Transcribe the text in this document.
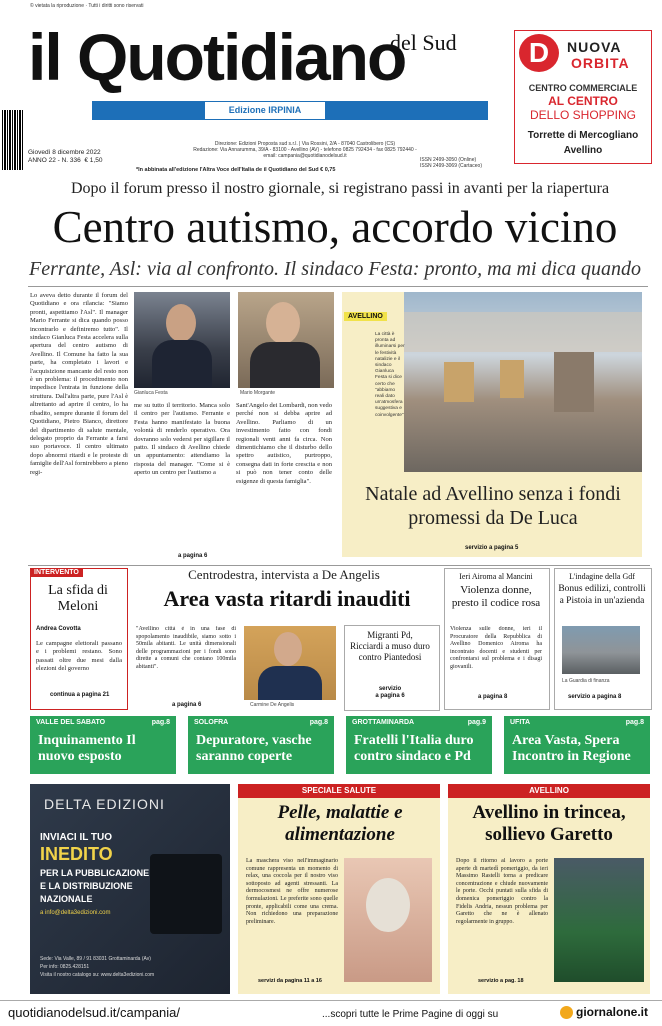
© vietata la riproduzione · Tutti i diritti sono riservati
il Quotidiano
del Sud
Edizione IRPINIA
Giovedì 8 dicembre 2022
ANNO 22 - N. 336 € 1,50
Direzione: Edizioni Proposta sud s.r.l. | Via Rossini, 2/A - 87040 Castrolibero (CS)
Redazione: Via Annarumma, 39/A - 83100 - Avellino (AV) - telefono 0825 792434 - fax 0825 792440 -
email: campania@quotidianodelsud.it
*In abbinata all'edizione l'Altra Voce dell'Italia de il Quotidiano del Sud € 0,75
ISSN 2499-3050 (Online)
ISSN 2499-3069 (Cartaceo)
D	NUOVA
ORBITA
CENTRO COMMERCIALE
AL CENTRO
DELLO SHOPPING
Torrette di Mercogliano
Avellino
Dopo il forum presso il nostro giornale, si registrano passi in avanti per la riapertura
Centro autismo, accordo vicino
Ferrante, Asl: via al confronto. Il sindaco Festa: pronto, ma mi dica quando
Lo aveva detto durante il forum del Quotidiano e ora rilancia: "Siamo pronti, aspettiamo l'Asl". Il manager Mario Ferrante si dica quando posso incontrarlo e definiremo tutto". Il sindaco Gianluca Festa accelera sulla apertura del centro autismo di Avellino. Il Comune ha fatto la sua parte, ha completato i lavori e l'acquisizione mancante del resto non è un problema: il procedimento non impedisce l'entrata in funzione della struttura. Dall'altra parte, pure l'Asl è altrettanto ad aprire il centro, lo ha ribadito, sempre durante il forum del Quotidiano, Pietro Bianco, direttore del dipartimento di salute mentale, delegato proprio da Ferrante a farsi suo portavoce. Il centro ultimato dopo abnormi ritardi e le proteste di famiglie dell'Asl fornirebbero a pieno regi-
Gianluca Festa	Mario Morgante
me su tutto il territorio. Manca solo il centro per l'autismo. Ferrante e Festa hanno manifestato la buona volontà di renderlo operativo. Ora dovranno solo vedersi per sigillare il patto. Il sindaco di Avellino chiede un appuntamento: attendiamo la risposta del manager. "Come si è aperto un centro per l'autismo a
Sant'Angelo dei Lombardi, non vedo perché non si debba aprire ad Avellino. Parliamo di un investimento fatto con fondi regionali venti anni fa circa. Non dimentichiamo che il disturbo dello spettro autistico, purtroppo, consegna dati in forte crescita e non si può non tener conto delle esigenze di questa famiglia".
a pagina 6
AVELLINO
La città è pronta ad illuminarsi per le festività natalizie e il sindaco Gianluca Festa si dice certo che "abbiamo reali dato un'atmosfera suggestiva e coinvolgente"
Natale ad Avellino senza i fondi promessi da De Luca
servizio a pagina 5
INTERVENTO
La sfida di Meloni
Andrea Covotta
Le campagne elettorali passano e i problemi restano. Sono passati oltre due mesi dalla elezioni del governo
continua a pagina 21
Centrodestra, intervista a De Angelis
Area vasta ritardi inauditi
"Avellino città è in una fase di spopolamento inaudibile, siamo sotto i 50mila abitanti. Le unità dimensionali delle programmazioni per i fondi sono dirette a comuni che contano 100mila abitanti".
Carmine De Angelis
a pagina 6
Migranti Pd, Ricciardi a muso duro contro Piantedosi
servizio
a pagina 6
Ieri Airoma al Mancini
Violenza donne, presto il codice rosa
Violenza sulle donne, ieri il Procuratore della Repubblica di Avellino Domenico Airoma ha incontrato docenti e studenti per confrontarsi sul problema e i disagi giovanili.
a pagina 8
L'indagine della Gdf
Bonus edilizi, controlli a Pistoia in un'azienda
La Guardia di finanza
servizio a pagina 8
VALLE DEL SABATO	pag.8
Inquinamento Il nuovo esposto
SOLOFRA	pag.8
Depuratore, vasche saranno coperte
GROTTAMINARDA	pag.9
Fratelli l'Italia duro contro sindaco e Pd
UFITA	pag.8
Area Vasta, Spera Incontro in Regione
DELTA EDIZIONI
INVIACI IL TUO
INEDITO
PER LA PUBBLICAZIONE
E LA DISTRIBUZIONE
NAZIONALE
a info@delta3edizioni.com
Sede: Via Valle, 89 / 91 83031 Grottaminarda (Av)
Per info: 0825.428151
Visita il nostro catalogo su: www.delta3edizioni.com
SPECIALE SALUTE
Pelle, malattie e alimentazione
La maschera viso nell'immaginario comune rappresenta un momento di relax, una coccola per il nostro viso sottoposto ad agenti stressanti. La dermocosmesi ne offre numerose formulazioni. Le preferite sono quelle pronte, applicabili come una crema. Non richiedono una preparazione preliminare.
servizi da pagina 11 a 16
AVELLINO
Avellino in trincea, sollievo Garetto
Dopo il ritorno al lavoro a porte aperte di martedì pomeriggio, da ieri Massimo Rastelli torna a predicare concentrazione e chiude nuovamente le porte. Occhi puntati sulla sfida di domenica pomeriggio contro la Fidelis Andria, nessun problema per Garetto che ne è allenato regolarmente in gruppo.
servizio a pag. 18
quotidianodelsud.it/campania/	...scopri tutte le Prime Pagine di oggi su	giornalone.it
